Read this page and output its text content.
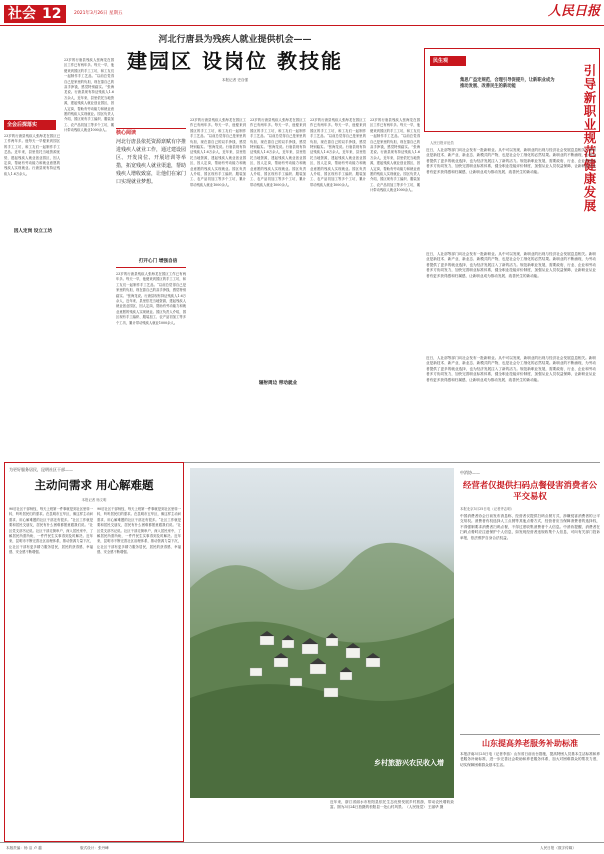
社会 12	2021年3月26日 星期五	人民日报
河北行唐县为残疾人就业提供机会——
建园区 设岗位 教技能
本报记者 史自强
全会后探落实
23岁的行唐县残疾人张海龙在园区已工作两年多。他每天一早便来到园区的手工工坊，和工友们一起制作手工艺品。近年来，县里依托当地资源优势，建起残疾人就业创业园区，因人定岗，帮助有劳动能力和就业意愿的残疾人实现就业。行唐县现有持证残疾人1.6万余人。
因人定岗 设立工坊
23岁的行唐县残疾人张海龙在园区工作已有两年多。每天一早，他便来到园区的手工工坊，和工友们一起制作手工艺品。“以前总觉得自己是家里的负担，现在靠自己的双手挣钱，感觉特别踏实。”张海龙说。行唐县现有持证残疾人1.6万余人，近年来，县里依托当地资源，建起残疾人就业创业园区，因人定岗，帮助有劳动能力和就业意愿的残疾人实现就业。园区负责人介绍，园区现有手工编织、服装加工、农产品初加工等多个工坊，累计带动残疾人就业1000余人。	核心阅读
河北行唐县依托资源禀赋有序推进残疾人就业工作，通过建设园区、开发岗位、开展培训等举措，拓宽残疾人就业渠道，帮助残疾人增收致富，让他们在家门口实现就业梦想。
打开心门 增强自信
23岁的行唐县残疾人张海龙在园区工作已有两年多。每天一早，他便来到园区的手工工坊，和工友们一起制作手工艺品。“以前总觉得自己是家里的负担，现在靠自己的双手挣钱，感觉特别踏实。”张海龙说。行唐县现有持证残疾人1.6万余人，近年来，县里依托当地资源，建起残疾人就业创业园区，因人定岗，帮助有劳动能力和就业意愿的残疾人实现就业。园区负责人介绍，园区现有手工编织、服装加工、农产品初加工等多个工坊，累计带动残疾人就业1000余人。
23岁的行唐县残疾人张海龙在园区工作已有两年多。每天一早，他便来到园区的手工工坊，和工友们一起制作手工艺品。“以前总觉得自己是家里的负担，现在靠自己的双手挣钱，感觉特别踏实。”张海龙说。行唐县现有持证残疾人1.6万余人，近年来，县里依托当地资源，建起残疾人就业创业园区，因人定岗，帮助有劳动能力和就业意愿的残疾人实现就业。园区负责人介绍，园区现有手工编织、服装加工、农产品初加工等多个工坊，累计带动残疾人就业1000余人。
23岁的行唐县残疾人张海龙在园区工作已有两年多。每天一早，他便来到园区的手工工坊，和工友们一起制作手工艺品。“以前总觉得自己是家里的负担，现在靠自己的双手挣钱，感觉特别踏实。”张海龙说。行唐县现有持证残疾人1.6万余人，近年来，县里依托当地资源，建起残疾人就业创业园区，因人定岗，帮助有劳动能力和就业意愿的残疾人实现就业。园区负责人介绍，园区现有手工编织、服装加工、农产品初加工等多个工坊，累计带动残疾人就业1000余人。
辐射周边 带动就业
23岁的行唐县残疾人张海龙在园区工作已有两年多。每天一早，他便来到园区的手工工坊，和工友们一起制作手工艺品。“以前总觉得自己是家里的负担，现在靠自己的双手挣钱，感觉特别踏实。”张海龙说。行唐县现有持证残疾人1.6万余人，近年来，县里依托当地资源，建起残疾人就业创业园区，因人定岗，帮助有劳动能力和就业意愿的残疾人实现就业。园区负责人介绍，园区现有手工编织、服装加工、农产品初加工等多个工坊，累计带动残疾人就业1000余人。
23岁的行唐县残疾人张海龙在园区工作已有两年多。每天一早，他便来到园区的手工工坊，和工友们一起制作手工艺品。“以前总觉得自己是家里的负担，现在靠自己的双手挣钱，感觉特别踏实。”张海龙说。行唐县现有持证残疾人1.6万余人，近年来，县里依托当地资源，建起残疾人就业创业园区，因人定岗，帮助有劳动能力和就业意愿的残疾人实现就业。园区负责人介绍，园区现有手工编织、服装加工、农产品初加工等多个工坊，累计带动残疾人就业1000余人。
民生观
集思广益定规范，合理引导促提升，让新职业成为推动发展、改善民生的新动能	引导新职业规范健康发展
人民日报评论员
近日，人社部等部门向社会发布一批新职业。从中可以发现，新职业的出现与经济社会发展息息相关。新职业是新技术、新产业、新业态、新模式的产物，也是社会分工细化的必然结果。新职业的不断涌现，为劳动者提供了更多的就业选择，也为经济发展注入了新的活力。规范新职业发展，需要政府、行业、企业和劳动者多方协同发力，加快完善职业标准体系，健全职业技能评价制度，加强从业人员权益保障，让新职业从业者有更多获得感和归属感，让新职业成为推动发展、改善民生的新动能。
近日，人社部等部门向社会发布一批新职业。从中可以发现，新职业的出现与经济社会发展息息相关。新职业是新技术、新产业、新业态、新模式的产物，也是社会分工细化的必然结果。新职业的不断涌现，为劳动者提供了更多的就业选择，也为经济发展注入了新的活力。规范新职业发展，需要政府、行业、企业和劳动者多方协同发力，加快完善职业标准体系，健全职业技能评价制度，加强从业人员权益保障，让新职业从业者有更多获得感和归属感，让新职业成为推动发展、改善民生的新动能。
近日，人社部等部门向社会发布一批新职业。从中可以发现，新职业的出现与经济社会发展息息相关。新职业是新技术、新产业、新业态、新模式的产物，也是社会分工细化的必然结果。新职业的不断涌现，为劳动者提供了更多的就业选择，也为经济发展注入了新的活力。规范新职业发展，需要政府、行业、企业和劳动者多方协同发力，加快完善职业标准体系，健全职业技能评价制度，加强从业人员权益保障，让新职业从业者有更多获得感和归属感，让新职业成为推动发展、改善民生的新动能。
为更好服务居民，昆明社区干部——
主动问需求 用心解难题
本报记者 杨文明
90后社区干部杨钰，每天上班第一件事就是到社区里转一转，听听居民们的需求。在昆明市五华区，像这样主动问需求、用心解难题的社区干部还有很多。“社区工作就是要和居民交朋友，居民有什么困难都愿意跟我们说。”社区党支部书记说。社区干部走街串户，深入居民家中，了解居民所需所盼，一件件民生实事得到及时解决。近年来，昆明市不断完善社区治理体系，推动资源力量下沉，让社区干部有更多精力服务居民，居民的获得感、幸福感、安全感不断增强。
90后社区干部杨钰，每天上班第一件事就是到社区里转一转，听听居民们的需求。在昆明市五华区，像这样主动问需求、用心解难题的社区干部还有很多。“社区工作就是要和居民交朋友，居民有什么困难都愿意跟我们说。”社区党支部书记说。社区干部走街串户，深入居民家中，了解居民所需所盼，一件件民生实事得到及时解决。近年来，昆明市不断完善社区治理体系，推动资源力量下沉，让社区干部有更多精力服务居民，居民的获得感、幸福感、安全感不断增强。
乡村旅游兴农民收入增
近年来，浙江省丽水市松阳县依托生态优势发展乡村旅游，带动农民增收致富。图为3月24日拍摄的松阳县一处山村风景。（人民视觉） 王丽华 摄
中消协——
经营者仅提供扫码点餐侵害消费者公平交易权
本报北京3月25日电（记者齐志明）
中国消费者协会日前发布消息称，经营者仅提供扫码点餐方式，涉嫌侵害消费者的公平交易权。消费者有权选择人工点餐等其他点餐方式，经营者应当保障消费者的选择权，不得强制要求消费者扫码点餐，不得过度收集消费者个人信息。中消协提醒，消费者在扫码点餐时应注意保护个人信息，如发现经营者违规收集个人信息，可向有关部门投诉举报，依法维护自身合法权益。
山东提高养老服务补助标准
本报济南3月25日电（记者李蕊）山东省日前出台措施，提高特困人员基本生活标准和养老服务补助标准，进一步完善社会救助和养老服务体系，加大对困难群众的帮扶力度，切实保障困难群众基本生活。
本版责编：杨 洁 卢 越	版式设计：张丹峰	人民日报（数字传媒）
